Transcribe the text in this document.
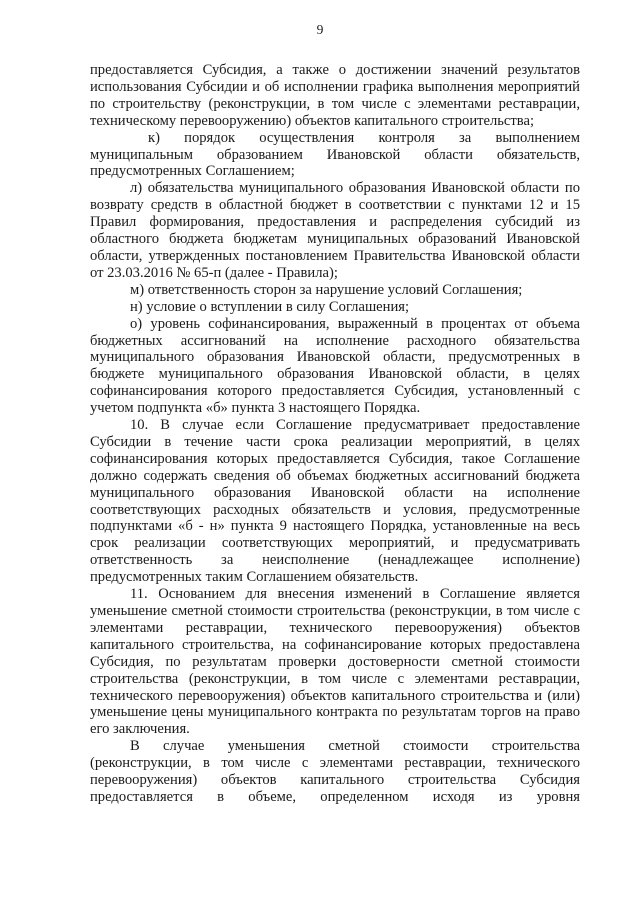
9

предоставляется Субсидия, а также о достижении значений результатов использования Субсидии и об исполнении графика выполнения мероприятий по строительству (реконструкции, в том числе с элементами реставрации, техническому перевооружению) объектов капитального строительства;

к) порядок осуществления контроля за выполнением муниципальным образованием Ивановской области обязательств, предусмотренных Соглашением;

л) обязательства муниципального образования Ивановской области по возврату средств в областной бюджет в соответствии с пунктами 12 и 15 Правил формирования, предоставления и распределения субсидий из областного бюджета бюджетам муниципальных образований Ивановской области, утвержденных постановлением Правительства Ивановской области от 23.03.2016 № 65-п (далее - Правила);

м) ответственность сторон за нарушение условий Соглашения;

н) условие о вступлении в силу Соглашения;

о) уровень софинансирования, выраженный в процентах от объема бюджетных ассигнований на исполнение расходного обязательства муниципального образования Ивановской области, предусмотренных в бюджете муниципального образования Ивановской области, в целях софинансирования которого предоставляется Субсидия, установленный с учетом подпункта «б» пункта 3 настоящего Порядка.

10. В случае если Соглашение предусматривает предоставление Субсидии в течение части срока реализации мероприятий, в целях софинансирования которых предоставляется Субсидия, такое Соглашение должно содержать сведения об объемах бюджетных ассигнований бюджета муниципального образования Ивановской области на исполнение соответствующих расходных обязательств и условия, предусмотренные подпунктами «б - н» пункта 9 настоящего Порядка, установленные на весь срок реализации соответствующих мероприятий, и предусматривать ответственность за неисполнение (ненадлежащее исполнение) предусмотренных таким Соглашением обязательств.

11. Основанием для внесения изменений в Соглашение является уменьшение сметной стоимости строительства (реконструкции, в том числе с элементами реставрации, технического перевооружения) объектов капитального строительства, на софинансирование которых предоставлена Субсидия, по результатам проверки достоверности сметной стоимости строительства (реконструкции, в том числе с элементами реставрации, технического перевооружения) объектов капитального строительства и (или) уменьшение цены муниципального контракта по результатам торгов на право его заключения.

В случае уменьшения сметной стоимости строительства (реконструкции, в том числе с элементами реставрации, технического перевооружения) объектов капитального строительства Субсидия предоставляется в объеме, определенном исходя из уровня
